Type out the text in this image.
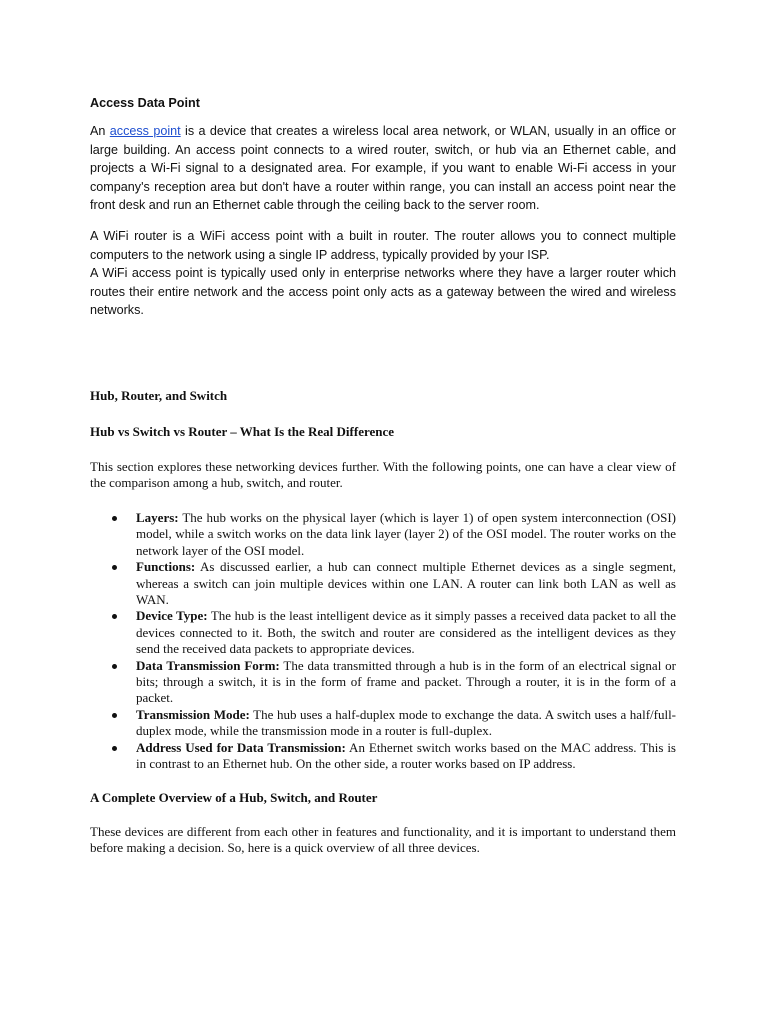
Access Data Point

An access point is a device that creates a wireless local area network, or WLAN, usually in an office or large building. An access point connects to a wired router, switch, or hub via an Ethernet cable, and projects a Wi-Fi signal to a designated area. For example, if you want to enable Wi-Fi access in your company's reception area but don't have a router within range, you can install an access point near the front desk and run an Ethernet cable through the ceiling back to the server room.

A WiFi router is a WiFi access point with a built in router. The router allows you to connect multiple computers to the network using a single IP address, typically provided by your ISP.
A WiFi access point is typically used only in enterprise networks where they have a larger router which routes their entire network and the access point only acts as a gateway between the wired and wireless networks.

Hub, Router, and Switch

Hub vs Switch vs Router – What Is the Real Difference

This section explores these networking devices further. With the following points, one can have a clear view of the comparison among a hub, switch, and router.

Layers: The hub works on the physical layer (which is layer 1) of open system interconnection (OSI) model, while a switch works on the data link layer (layer 2) of the OSI model. The router works on the network layer of the OSI model.
Functions: As discussed earlier, a hub can connect multiple Ethernet devices as a single segment, whereas a switch can join multiple devices within one LAN. A router can link both LAN as well as WAN.
Device Type: The hub is the least intelligent device as it simply passes a received data packet to all the devices connected to it. Both, the switch and router are considered as the intelligent devices as they send the received data packets to appropriate devices.
Data Transmission Form: The data transmitted through a hub is in the form of an electrical signal or bits; through a switch, it is in the form of frame and packet. Through a router, it is in the form of a packet.
Transmission Mode: The hub uses a half-duplex mode to exchange the data. A switch uses a half/full-duplex mode, while the transmission mode in a router is full-duplex.
Address Used for Data Transmission: An Ethernet switch works based on the MAC address. This is in contrast to an Ethernet hub. On the other side, a router works based on IP address.

A Complete Overview of a Hub, Switch, and Router

These devices are different from each other in features and functionality, and it is important to understand them before making a decision. So, here is a quick overview of all three devices.
